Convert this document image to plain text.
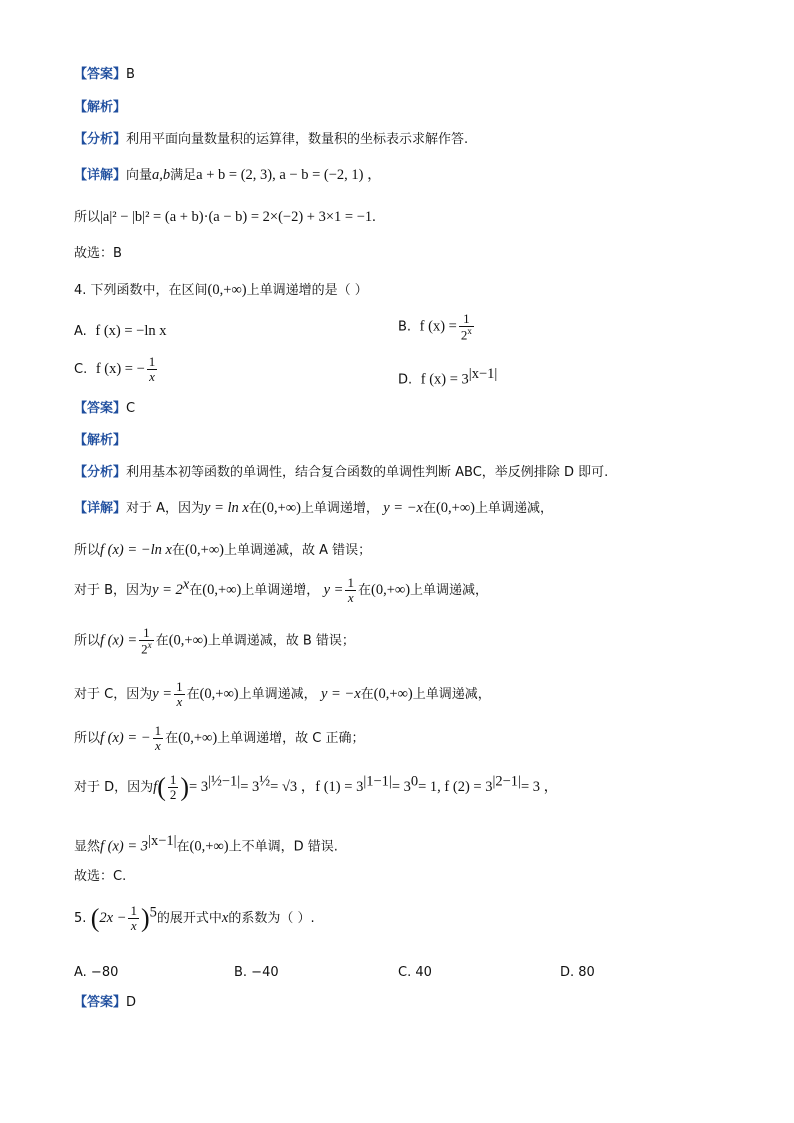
【答案】B
【解析】
【分析】利用平面向量数量积的运算律，数量积的坐标表示求解作答.
【详解】向量a,b满足a + b = (2, 3), a − b = (−2, 1) ，
所以|a|² − |b|² = (a + b)·(a − b) = 2×(−2) + 3×1 = −1.
故选：B
4. 下列函数中，在区间(0,+∞)上单调递增的是（ ）
A. f (x) = −ln x	B. f $(x) = \frac{1}{2^x}$
C. f (x) = − $\frac{1}{x}$	D. f $(x) = 3^{|x-1|}$
【答案】C
【解析】
【分析】利用基本初等函数的单调性，结合复合函数的单调性判断 ABC，举反例排除 D 即可.
【详解】对于 A，因为y = ln x在(0,+∞)上单调递增， y = −x在(0,+∞)上单调递减，
所以f (x) = −ln x在(0,+∞)上单调递减，故 A 错误；
对于 B，因为$y = 2^x$在(0,+∞)上单调递增， $y = \frac{1}{x}$ 在(0,+∞)上单调递减，
所以f $(x) = \frac{1}{2^x}$ 在(0,+∞)上单调递减，故 B 错误；
对于 C，因为$y = \frac{1}{x}$ 在(0,+∞)上单调递减， y = −x在(0,+∞)上单调递减，
所以f (x) = − $\frac{1}{x}$ 在(0,+∞)上单调递增，故 C 正确；
对于 D，因为$f( \frac{1}{2}$ )= $3^{|\frac{1}{2}-1|}= 3^{\frac{1}{2}}= √3$ ，f $(1) = 3^{|1-1|}= 3^0= 1$, f $(2) = 3^{|2-1|}= 3$ ，
显然f $(x) = 3^{|x-1|}$在(0,+∞)上不单调，D 错误.
故选：C.
5. $(2x - \frac{1}{x} )^5$的展开式中x的系数为（ ）.
A. −80	B. −40	C. 40	D. 80
【答案】D
